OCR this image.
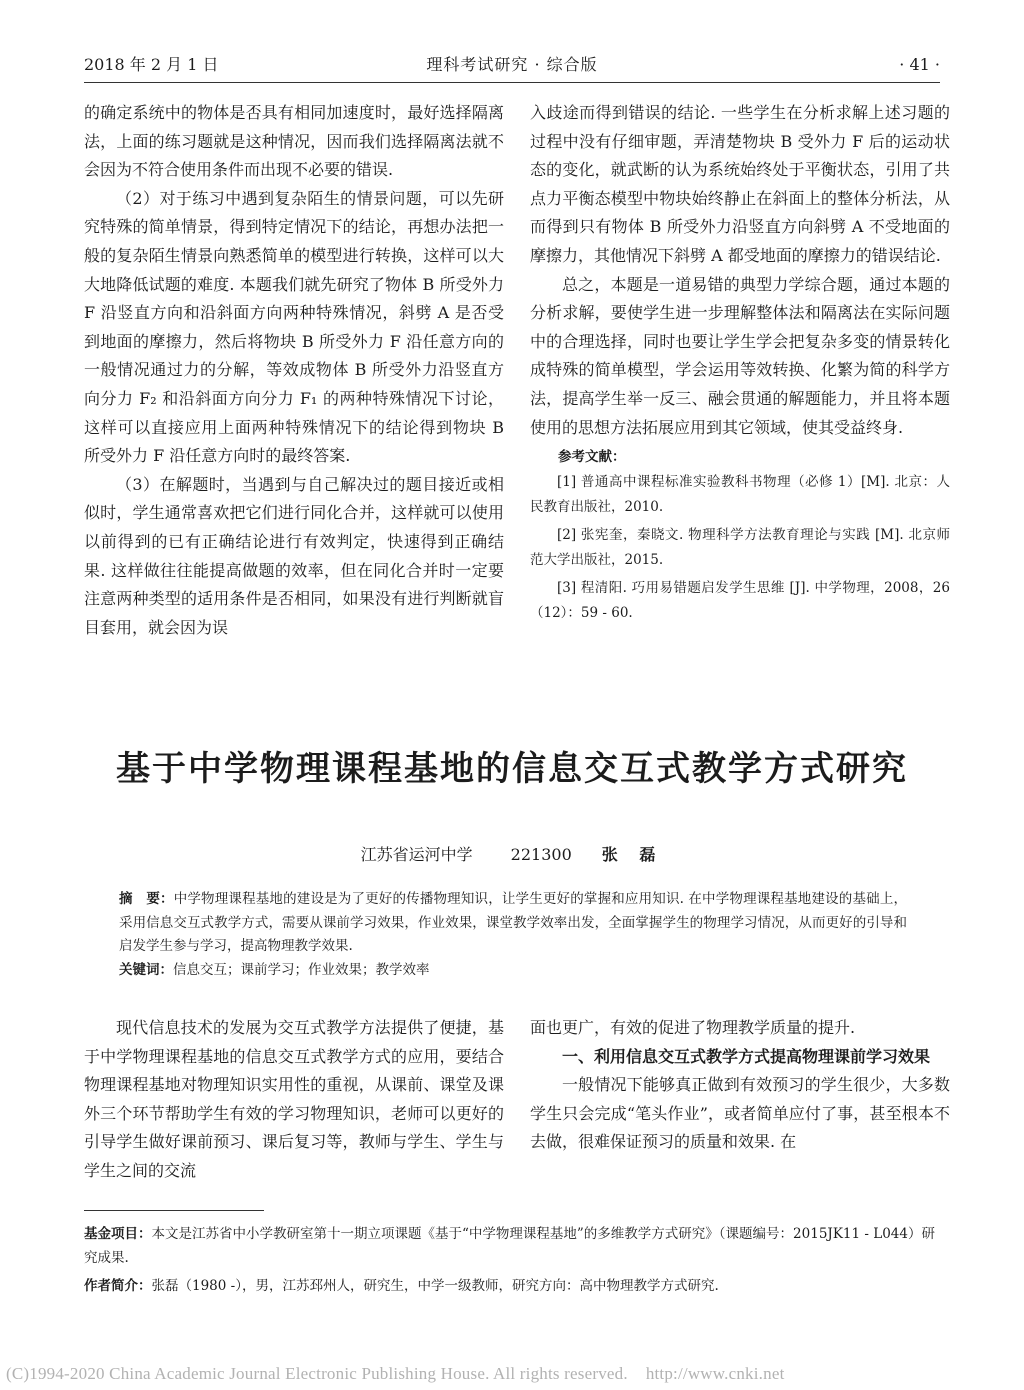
2018 年 2 月 1 日	理科考试研究 · 综合版	· 41 ·

的确定系统中的物体是否具有相同加速度时，最好选择隔离法，上面的练习题就是这种情况，因而我们选择隔离法就不会因为不符合使用条件而出现不必要的错误.

（2）对于练习中遇到复杂陌生的情景问题，可以先研究特殊的简单情景，得到特定情况下的结论，再想办法把一般的复杂陌生情景向熟悉简单的模型进行转换，这样可以大大地降低试题的难度. 本题我们就先研究了物体 B 所受外力 F 沿竖直方向和沿斜面方向两种特殊情况，斜劈 A 是否受到地面的摩擦力，然后将物块 B 所受外力 F 沿任意方向的一般情况通过力的分解，等效成物体 B 所受外力沿竖直方向分力 F₂ 和沿斜面方向分力 F₁ 的两种特殊情况下讨论，这样可以直接应用上面两种特殊情况下的结论得到物块 B 所受外力 F 沿任意方向时的最终答案.

（3）在解题时，当遇到与自己解决过的题目接近或相似时，学生通常喜欢把它们进行同化合并，这样就可以使用以前得到的已有正确结论进行有效判定，快速得到正确结果. 这样做往往能提高做题的效率，但在同化合并时一定要注意两种类型的适用条件是否相同，如果没有进行判断就盲目套用，就会因为误

入歧途而得到错误的结论. 一些学生在分析求解上述习题的过程中没有仔细审题，弄清楚物块 B 受外力 F 后的运动状态的变化，就武断的认为系统始终处于平衡状态，引用了共点力平衡态模型中物块始终静止在斜面上的整体分析法，从而得到只有物体 B 所受外力沿竖直方向斜劈 A 不受地面的摩擦力，其他情况下斜劈 A 都受地面的摩擦力的错误结论.

总之，本题是一道易错的典型力学综合题，通过本题的分析求解，要使学生进一步理解整体法和隔离法在实际问题中的合理选择，同时也要让学生学会把复杂多变的情景转化成特殊的简单模型，学会运用等效转换、化繁为简的科学方法，提高学生举一反三、融会贯通的解题能力，并且将本题使用的思想方法拓展应用到其它领域，使其受益终身.

参考文献：

[1] 普通高中课程标准实验教科书物理（必修 1）[M]. 北京：人民教育出版社，2010.

[2] 张宪奎，秦晓文. 物理科学方法教育理论与实践 [M]. 北京师范大学出版社，2015.

[3] 程清阳. 巧用易错题启发学生思维 [J]. 中学物理，2008，26（12）：59 - 60.

基于中学物理课程基地的信息交互式教学方式研究
江苏省运河中学 221300 张 磊

摘　要：中学物理课程基地的建设是为了更好的传播物理知识，让学生更好的掌握和应用知识. 在中学物理课程基地建设的基础上，采用信息交互式教学方式，需要从课前学习效果，作业效果，课堂教学效率出发，全面掌握学生的物理学习情况，从而更好的引导和启发学生参与学习，提高物理教学效果.

关键词：信息交互；课前学习；作业效果；教学效率

现代信息技术的发展为交互式教学方法提供了便捷，基于中学物理课程基地的信息交互式教学方式的应用，要结合物理课程基地对物理知识实用性的重视，从课前、课堂及课外三个环节帮助学生有效的学习物理知识，老师可以更好的引导学生做好课前预习、课后复习等，教师与学生、学生与学生之间的交流

面也更广，有效的促进了物理教学质量的提升.

一、利用信息交互式教学方式提高物理课前学习效果

一般情况下能够真正做到有效预习的学生很少，大多数学生只会完成“笔头作业”，或者简单应付了事，甚至根本不去做，很难保证预习的质量和效果. 在

基金项目：本文是江苏省中小学教研室第十一期立项课题《基于“中学物理课程基地”的多维教学方式研究》（课题编号：2015JK11 - L044）研究成果.

作者简介：张磊（1980 -），男，江苏邳州人，研究生，中学一级教师，研究方向：高中物理教学方式研究.

(C)1994-2020 China Academic Journal Electronic Publishing House. All rights reserved. http://www.cnki.net
